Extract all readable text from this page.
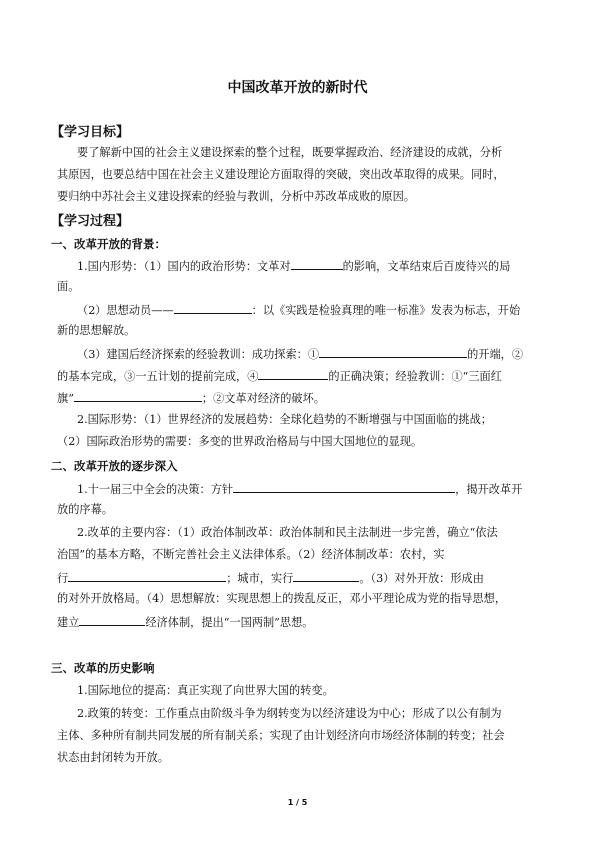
中国改革开放的新时代
【学习目标】
要了解新中国的社会主义建设探索的整个过程，既要掌握政治、经济建设的成就，分析
其原因，也要总结中国在社会主义建设理论方面取得的突破，突出改革取得的成果。同时，
要归纳中苏社会主义建设探索的经验与教训，分析中苏改革成败的原因。
【学习过程】
一、改革开放的背景：
1.国内形势：（1）国内的政治形势：文革对	的影响，文革结束后百废待兴的局
面。
（2）思想动员——	：以《实践是检验真理的唯一标准》发表为标志，开始
新的思想解放。
（3）建国后经济探索的经验教训：成功探索：①	的开端，②
的基本完成，③一五计划的提前完成，④	的正确决策；经验教训：①“三面红
旗”	；②文革对经济的破坏。
2.国际形势：（1）世界经济的发展趋势：全球化趋势的不断增强与中国面临的挑战；
（2）国际政治形势的需要：多变的世界政治格局与中国大国地位的显现。
二、改革开放的逐步深入
1.十一届三中全会的决策：方针	，揭开改革开
放的序幕。
2.改革的主要内容：（1）政治体制改革：政治体制和民主法制进一步完善，确立“依法
治国”的基本方略，不断完善社会主义法律体系。（2）经济体制改革：农村，实
行	；城市，实行	。（3）对外开放：形成由
的对外开放格局。（4）思想解放：实现思想上的拨乱反正，邓小平理论成为党的指导思想，
建立	经济体制，提出“一国两制”思想。
三、改革的历史影响
1.国际地位的提高：真正实现了向世界大国的转变。
2.政策的转变：工作重点由阶级斗争为纲转变为以经济建设为中心；形成了以公有制为
主体、多种所有制共同发展的所有制关系；实现了由计划经济向市场经济体制的转变；社会
状态由封闭转为开放。
1 / 5
